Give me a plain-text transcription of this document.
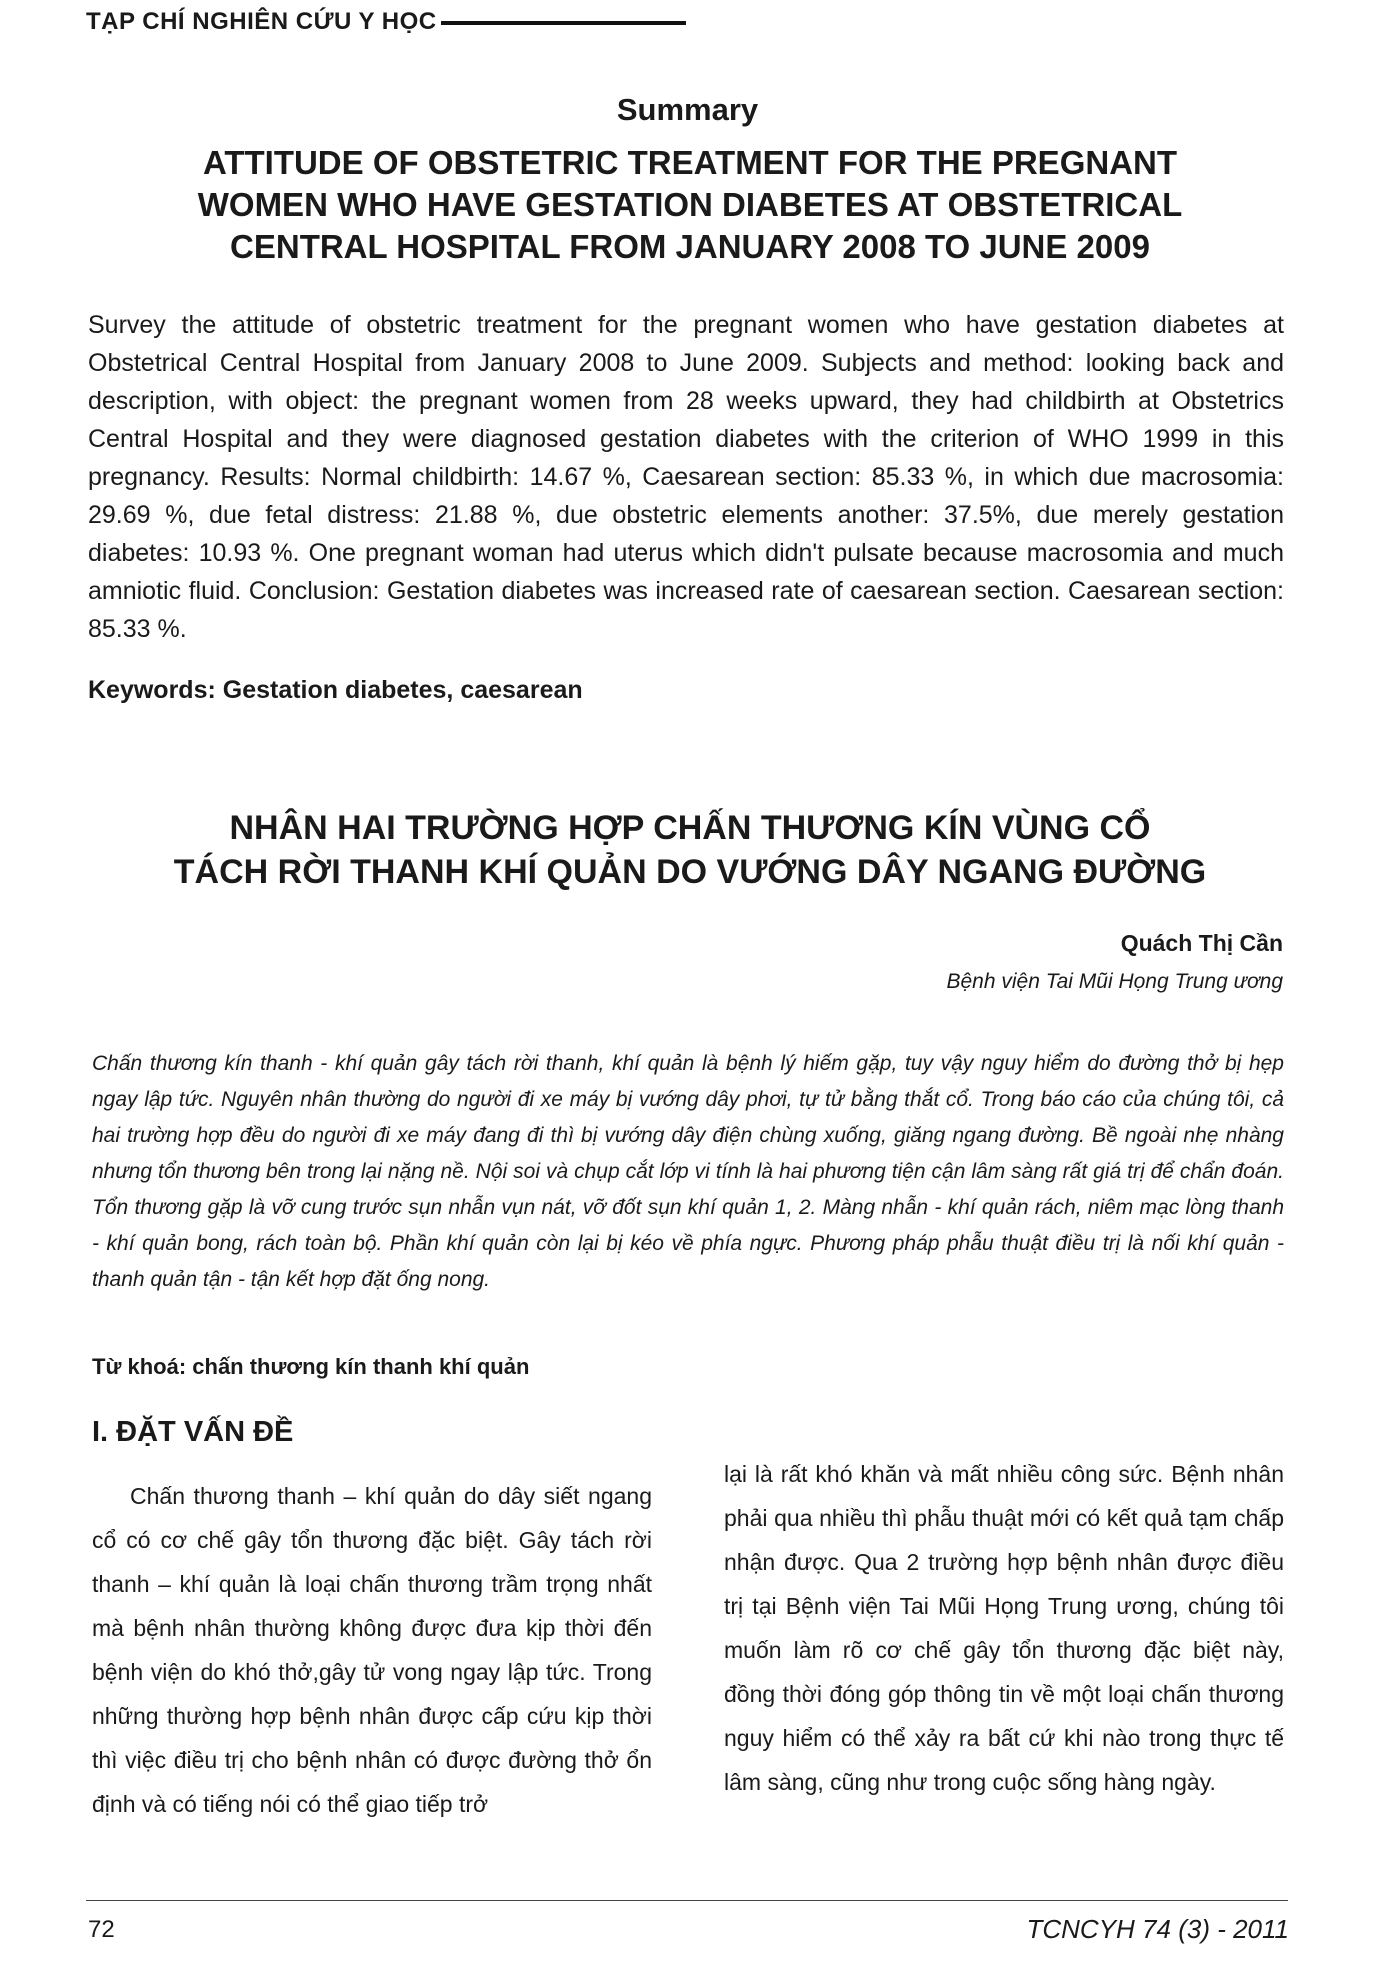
TẠP CHÍ NGHIÊN CỨU Y HỌC
Summary
ATTITUDE OF OBSTETRIC TREATMENT FOR THE PREGNANT
WOMEN WHO HAVE GESTATION DIABETES AT OBSTETRICAL
CENTRAL HOSPITAL FROM JANUARY 2008 TO JUNE 2009
Survey the attitude of obstetric treatment for the pregnant women who have gestation diabetes at Obstetrical Central Hospital from January 2008 to June 2009. Subjects and method: looking back and description, with object: the pregnant women from 28 weeks upward, they had childbirth at Obstetrics Central Hospital and they were diagnosed gestation diabetes with the criterion of WHO 1999 in this pregnancy. Results: Normal childbirth: 14.67 %, Caesarean section: 85.33 %, in which due macrosomia: 29.69 %, due fetal distress: 21.88 %, due obstetric elements another: 37.5%, due merely gestation diabetes: 10.93 %. One pregnant woman had uterus which didn't pulsate because macrosomia and much amniotic fluid. Conclusion: Gestation diabetes was increased rate of caesarean section. Caesarean section: 85.33 %.
Keywords: Gestation diabetes, caesarean
NHÂN HAI TRƯỜNG HỢP CHẤN THƯƠNG KÍN VÙNG CỔ
TÁCH RỜI THANH KHÍ QUẢN DO VƯỚNG DÂY NGANG ĐƯỜNG
Quách Thị Cần
Bệnh viện Tai Mũi Họng Trung ương
Chấn thương kín thanh - khí quản gây tách rời thanh, khí quản là bệnh lý hiếm gặp, tuy vậy nguy hiểm do đường thở bị hẹp ngay lập tức. Nguyên nhân thường do người đi xe máy bị vướng dây phơi, tự tử bằng thắt cổ. Trong báo cáo của chúng tôi, cả hai trường hợp đều do người đi xe máy đang đi thì bị vướng dây điện chùng xuống, giăng ngang đường. Bề ngoài nhẹ nhàng nhưng tổn thương bên trong lại nặng nề. Nội soi và chụp cắt lớp vi tính là hai phương tiện cận lâm sàng rất giá trị để chẩn đoán. Tổn thương gặp là vỡ cung trước sụn nhẫn vụn nát, vỡ đốt sụn khí quản 1, 2. Màng nhẫn - khí quản rách, niêm mạc lòng thanh - khí quản bong, rách toàn bộ. Phần khí quản còn lại bị kéo về phía ngực. Phương pháp phẫu thuật điều trị là nối khí quản - thanh quản tận - tận kết hợp đặt ống nong.
Từ khoá: chấn thương kín thanh khí quản
I. ĐẶT VẤN ĐỀ
Chấn thương thanh – khí quản do dây siết ngang cổ có cơ chế gây tổn thương đặc biệt. Gây tách rời thanh – khí quản là loại chấn thương trầm trọng nhất mà bệnh nhân thường không được đưa kịp thời đến bệnh viện do khó thở,gây tử vong ngay lập tức. Trong những thường hợp bệnh nhân được cấp cứu kịp thời thì việc điều trị cho bệnh nhân có được đường thở ổn định và có tiếng nói có thể giao tiếp trở
lại là rất khó khăn và mất nhiều công sức. Bệnh nhân phải qua nhiều thì phẫu thuật mới có kết quả tạm chấp nhận được. Qua 2 trường hợp bệnh nhân được điều trị tại Bệnh viện Tai Mũi Họng Trung ương, chúng tôi muốn làm rõ cơ chế gây tổn thương đặc biệt này, đồng thời đóng góp thông tin về một loại chấn thương nguy hiểm có thể xảy ra bất cứ khi nào trong thực tế lâm sàng, cũng như trong cuộc sống hàng ngày.
72	TCNCYH 74 (3) - 2011
